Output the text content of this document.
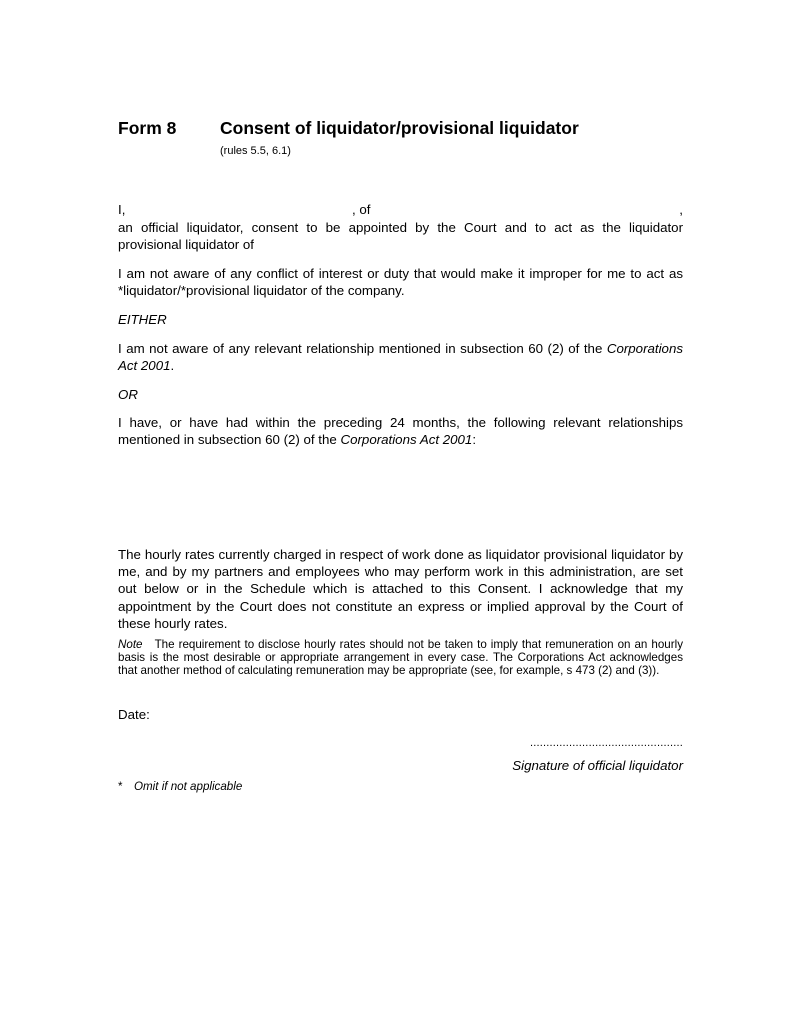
Form 8 Consent of liquidator/provisional liquidator
(rules 5.5, 6.1)
I,	, of	,

an official liquidator, consent to be appointed by the Court and to act as the liquidator provisional liquidator of

I am not aware of any conflict of interest or duty that would make it improper for me to act as *liquidator/*provisional liquidator of the company.

EITHER

I am not aware of any relevant relationship mentioned in subsection 60 (2) of the Corporations Act 2001.

OR

I have, or have had within the preceding 24 months, the following relevant relationships mentioned in subsection 60 (2) of the Corporations Act 2001:

The hourly rates currently charged in respect of work done as liquidator provisional liquidator by me, and by my partners and employees who may perform work in this administration, are set out below or in the Schedule which is attached to this Consent. I acknowledge that my appointment by the Court does not constitute an express or implied approval by the Court of these hourly rates.

Note The requirement to disclose hourly rates should not be taken to imply that remuneration on an hourly basis is the most desirable or appropriate arrangement in every case. The Corporations Act acknowledges that another method of calculating remuneration may be appropriate (see, for example, s 473 (2) and (3)).

Date:

...............................................
Signature of official liquidator
* Omit if not applicable
